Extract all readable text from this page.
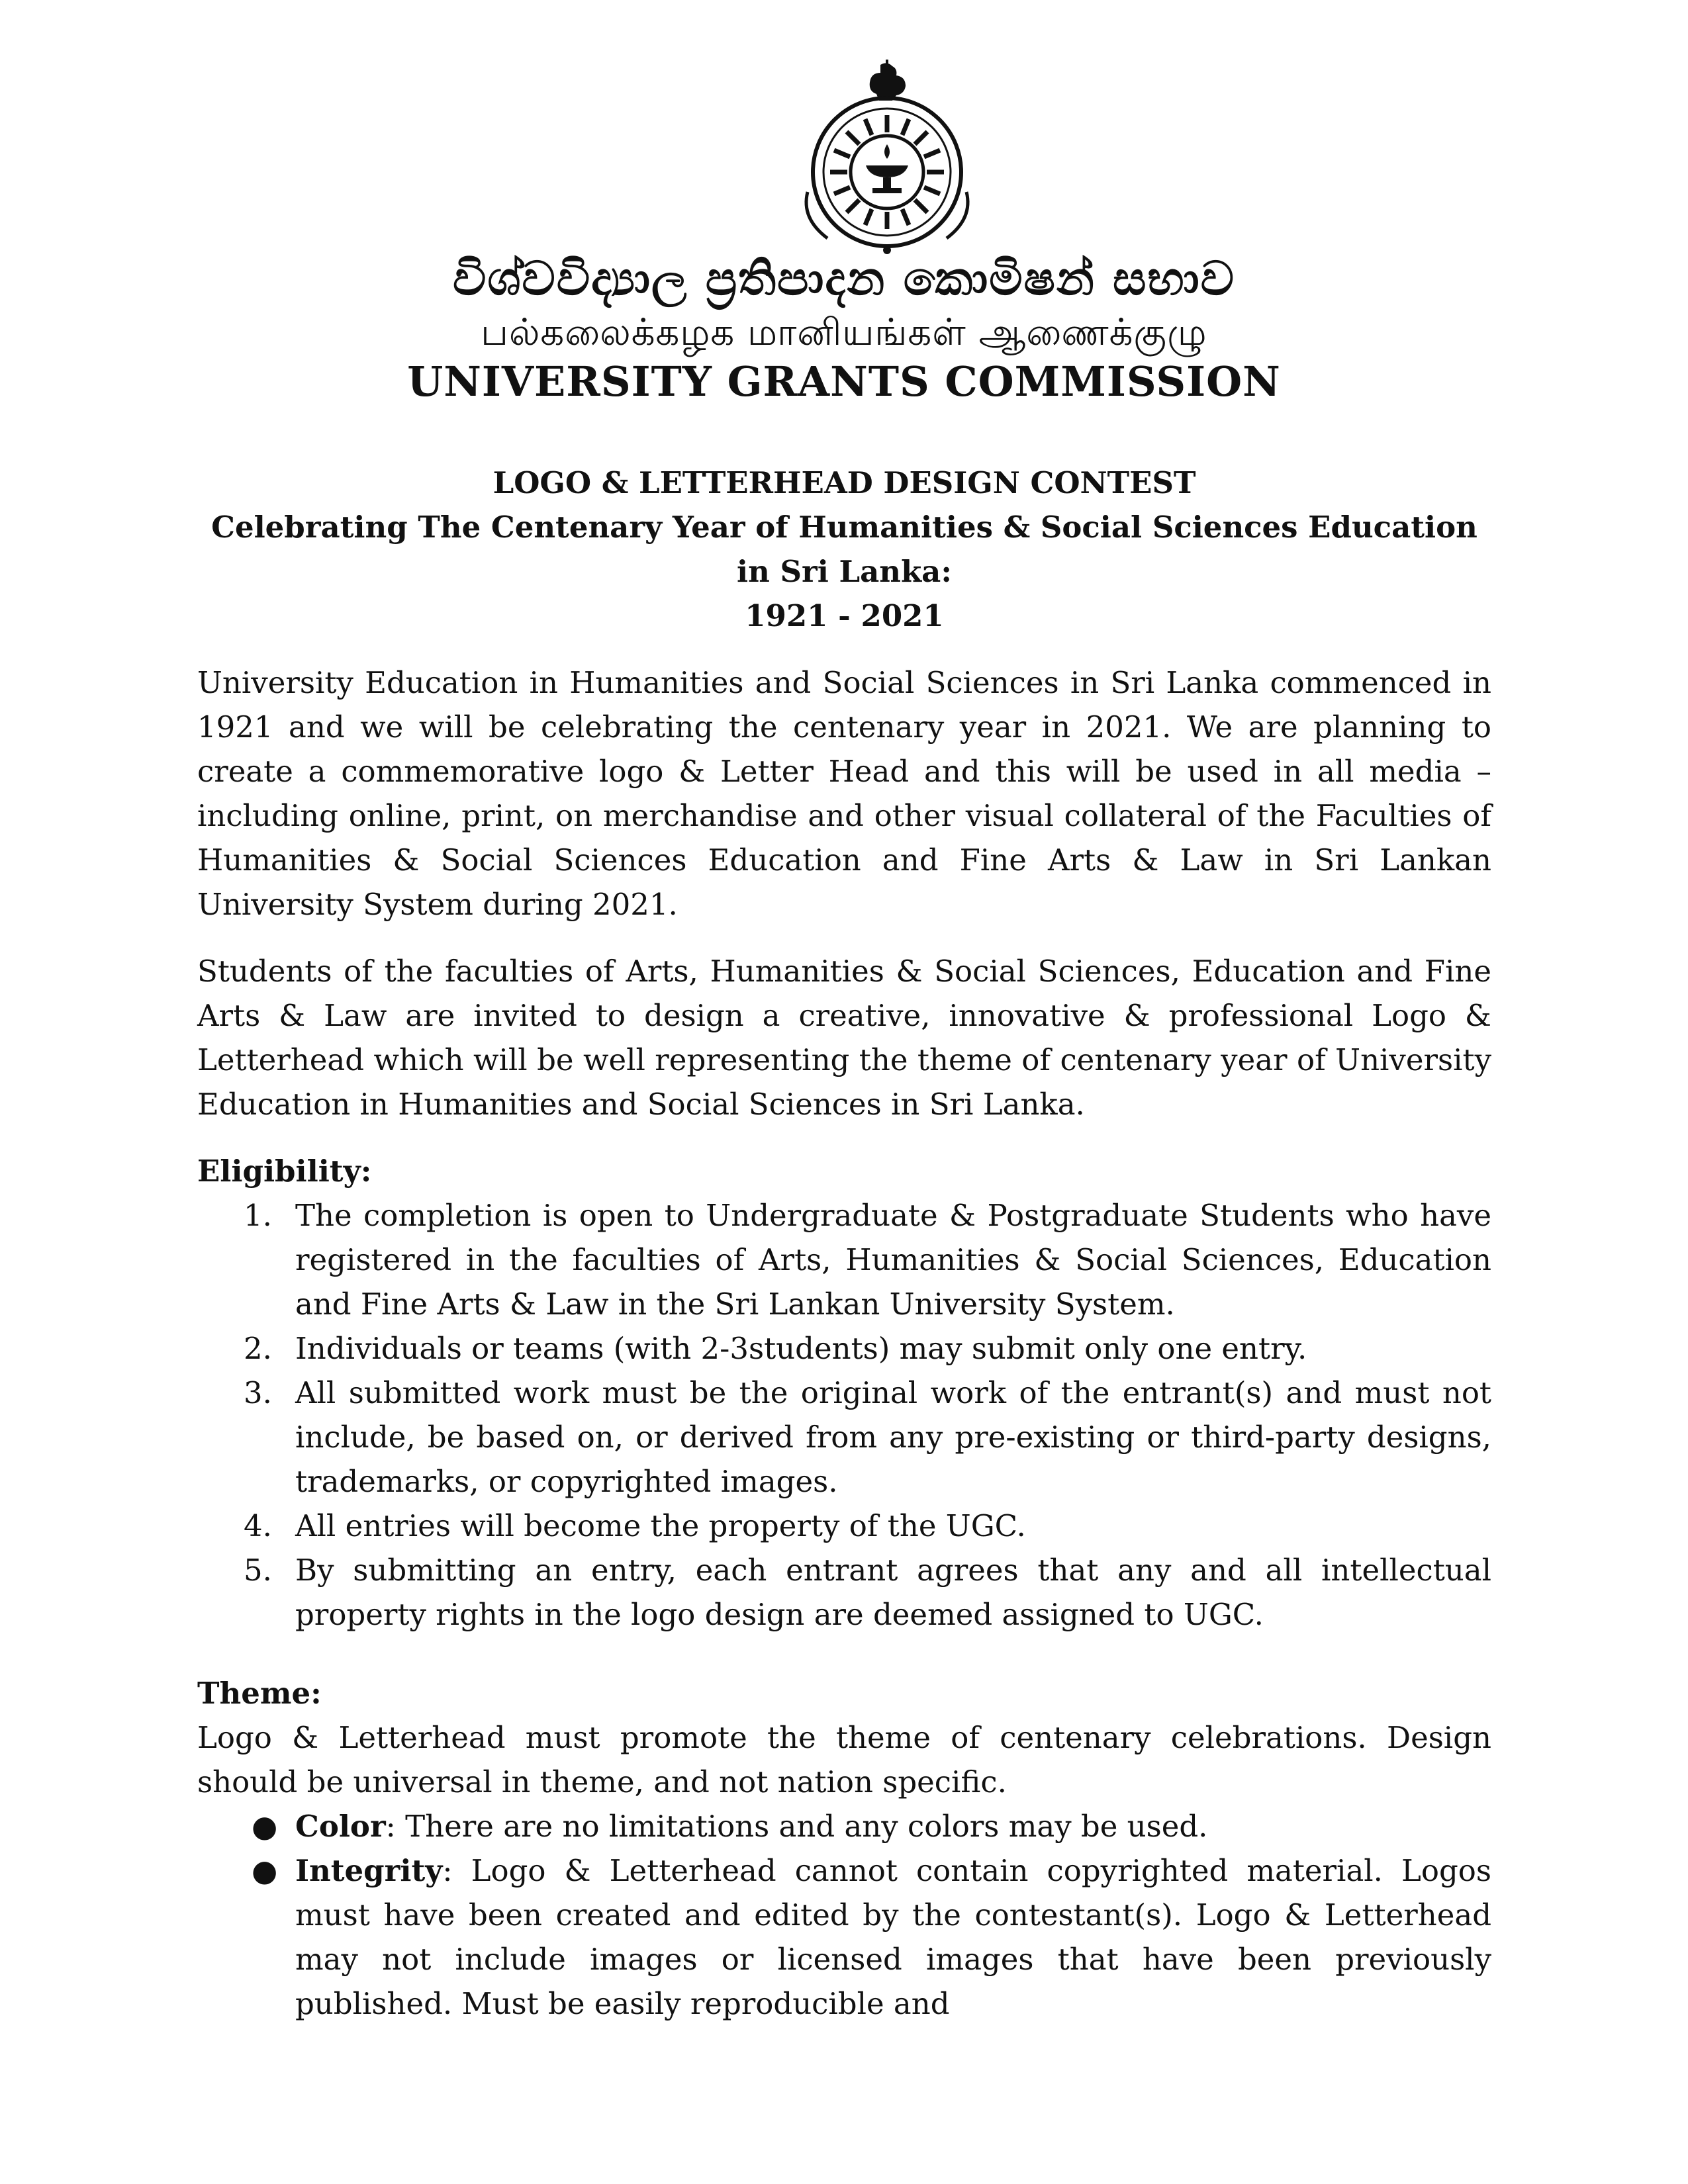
විශ්වවිද්‍යාල ප්‍රතිපාදන කොමිෂන් සභාව
பல்கலைக்கழக மானியங்கள் ஆணைக்குழு
UNIVERSITY GRANTS COMMISSION

LOGO & LETTERHEAD DESIGN CONTEST

Celebrating The Centenary Year of Humanities & Social Sciences Education in Sri Lanka:

1921 - 2021

University Education in Humanities and Social Sciences in Sri Lanka commenced in 1921 and we will be celebrating the centenary year in 2021. We are planning to create a commemorative logo & Letter Head and this will be used in all media – including online, print, on merchandise and other visual collateral of the Faculties of Humanities & Social Sciences Education and Fine Arts & Law in Sri Lankan University System during 2021.

Students of the faculties of Arts, Humanities & Social Sciences, Education and Fine Arts & Law are invited to design a creative, innovative & professional Logo & Letterhead which will be well representing the theme of centenary year of University Education in Humanities and Social Sciences in Sri Lanka.

Eligibility:
1. The completion is open to Undergraduate & Postgraduate Students who have registered in the faculties of Arts, Humanities & Social Sciences, Education and Fine Arts & Law in the Sri Lankan University System.
2. Individuals or teams (with 2-3students) may submit only one entry.
3. All submitted work must be the original work of the entrant(s) and must not include, be based on, or derived from any pre-existing or third-party designs, trademarks, or copyrighted images.
4. All entries will become the property of the UGC.
5. By submitting an entry, each entrant agrees that any and all intellectual property rights in the logo design are deemed assigned to UGC.
Theme:

Logo & Letterhead must promote the theme of centenary celebrations. Design should be universal in theme, and not nation specific.

● Color: There are no limitations and any colors may be used.
● Integrity: Logo & Letterhead cannot contain copyrighted material. Logos must have been created and edited by the contestant(s). Logo & Letterhead may not include images or licensed images that have been previously published. Must be easily reproducible and
